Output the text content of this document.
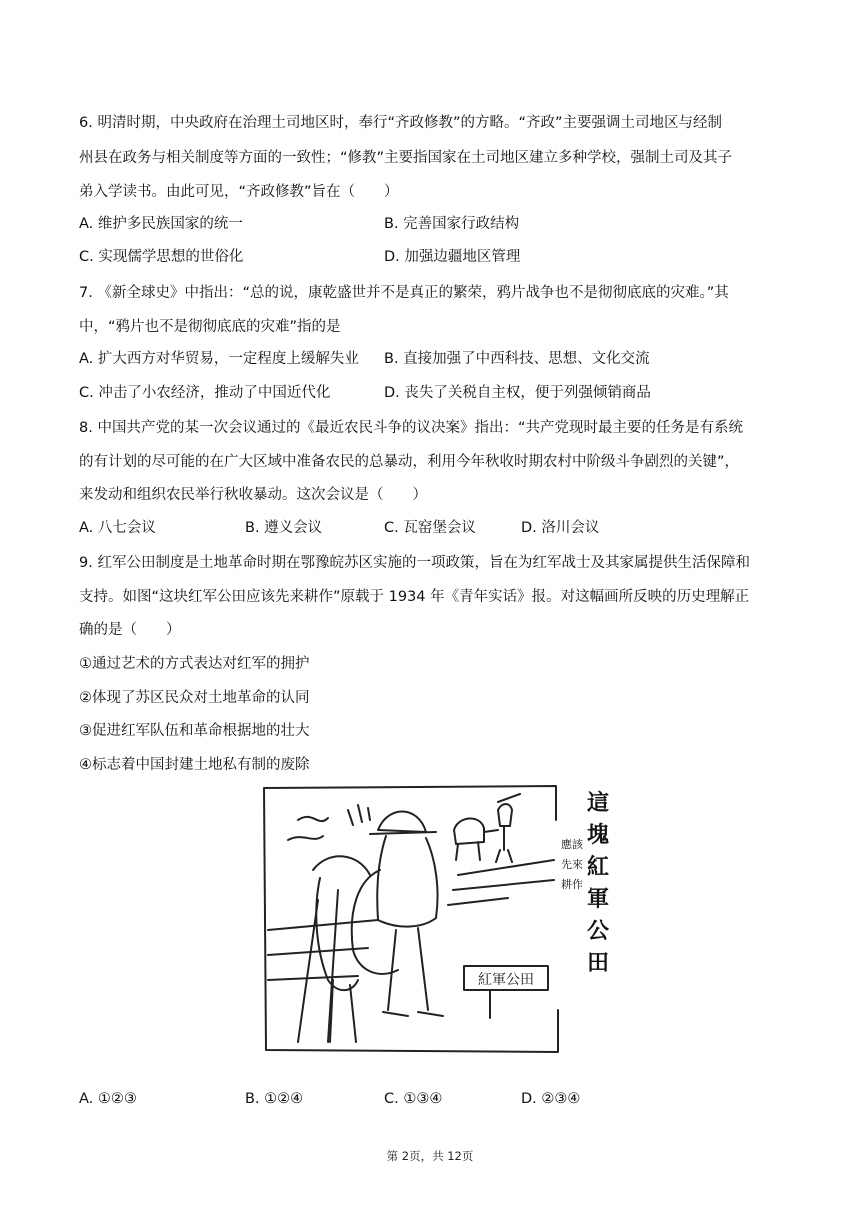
6. 明清时期，中央政府在治理土司地区时，奉行“齐政修教”的方略。“齐政”主要强调土司地区与经制
州县在政务与相关制度等方面的一致性；“修教”主要指国家在土司地区建立多种学校，强制土司及其子
弟入学读书。由此可见，“齐政修教”旨在（　　）
A. 维护多民族国家的统一	B. 完善国家行政结构
C. 实现儒学思想的世俗化	D. 加强边疆地区管理
7. 《新全球史》中指出：“总的说，康乾盛世并不是真正的繁荣，鸦片战争也不是彻彻底底的灾难。”其
中，“鸦片也不是彻彻底底的灾难”指的是
A. 扩大西方对华贸易，一定程度上缓解失业 B. 直接加强了中西科技、思想、文化交流
C. 冲击了小农经济，推动了中国近代化	D. 丧失了关税自主权，便于列强倾销商品
8. 中国共产党的某一次会议通过的《最近农民斗争的议决案》指出：“共产党现时最主要的任务是有系统
的有计划的尽可能的在广大区域中准备农民的总暴动，利用今年秋收时期农村中阶级斗争剧烈的关键”，
来发动和组织农民举行秋收暴动。这次会议是（　　）
A. 八七会议	B. 遵义会议	C. 瓦窑堡会议	D. 洛川会议
9. 红军公田制度是土地革命时期在鄂豫皖苏区实施的一项政策，旨在为红军战士及其家属提供生活保障和
支持。如图“这块红军公田应该先来耕作”原载于 1934 年《青年实话》报。对这幅画所反映的历史理解正
确的是（　　）
①通过艺术的方式表达对红军的拥护
②体现了苏区民众对土地革命的认同
③促进红军队伍和革命根据地的壮大
④标志着中国封建土地私有制的废除
紅軍公田
這
塊
紅
軍
公
田
應該
先來
耕作
A. ①②③	B. ①②④	C. ①③④	D. ②③④
第 2页，共 12页
